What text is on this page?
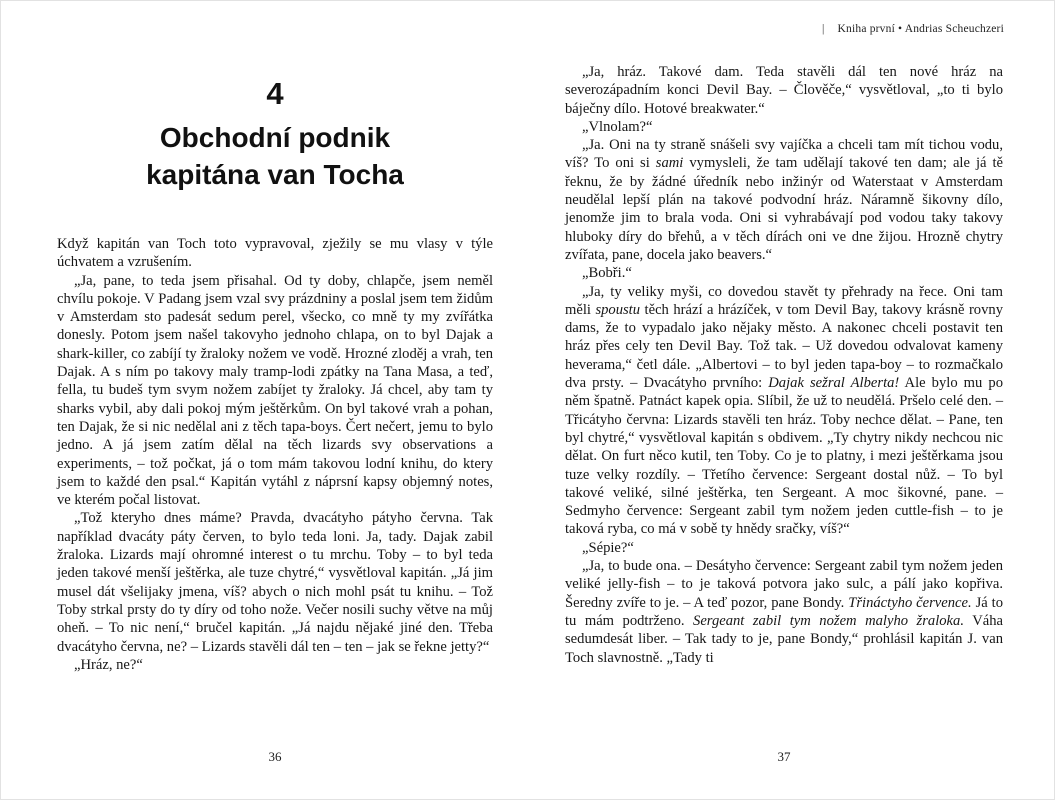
| Kniha první • Andrias Scheuchzeri
4
Obchodní podnik
kapitána van Tocha

Když kapitán van Toch toto vypravoval, zježily se mu vlasy v týle úchvatem a vzrušením.

„Ja, pane, to teda jsem přisahal. Od ty doby, chlapče, jsem neměl chvílu pokoje. V Padang jsem vzal svy prázdniny a poslal jsem tem židům v Amsterdam sto padesát sedum perel, všecko, co mně ty my zvířátka donesly. Potom jsem našel takovyho jednoho chlapa, on to byl Dajak a shark-killer, co zabíjí ty žraloky nožem ve vodě. Hrozné zloděj a vrah, ten Dajak. A s ním po takovy maly tramp-lodi zpátky na Tana Masa, a teď, fella, tu budeš tym svym nožem zabíjet ty žraloky. Já chcel, aby tam ty sharks vybil, aby dali pokoj mým ještěrkům. On byl takové vrah a pohan, ten Dajak, že si nic nedělal ani z těch tapa-boys. Čert nečert, jemu to bylo jedno. A já jsem zatím dělal na těch lizards svy observations a experiments, – tož počkat, já o tom mám takovou lodní knihu, do ktery jsem to každé den psal.“ Kapitán vytáhl z náprsní kapsy objemný notes, ve kterém počal listovat.

„Tož kteryho dnes máme? Pravda, dvacátyho pátyho června. Tak například dvacáty páty červen, to bylo teda loni. Ja, tady. Dajak zabil žraloka. Lizards mají ohromné interest o tu mrchu. Toby – to byl teda jeden takové menší ještěrka, ale tuze chytré,“ vysvětloval kapitán. „Já jim musel dát všelijaky jmena, víš? abych o nich mohl psát tu knihu. – Tož Toby strkal prsty do ty díry od toho nože. Večer nosili suchy větve na můj oheň. – To nic není,“ bručel kapitán. „Já najdu nějaké jiné den. Třeba dvacátyho června, ne? – Lizards stavěli dál ten – ten – jak se řekne jetty?“

„Hráz, ne?“

„Ja, hráz. Takové dam. Teda stavěli dál ten nové hráz na severozápadním konci Devil Bay. – Člověče,“ vysvětloval, „to ti bylo báječny dílo. Hotové breakwater.“

„Vlnolam?“

„Ja. Oni na ty straně snášeli svy vajíčka a chceli tam mít tichou vodu, víš? To oni si sami vymysleli, že tam udělají takové ten dam; ale já tě řeknu, že by žádné úředník nebo inžinýr od Waterstaat v Amsterdam neudělal lepší plán na takové podvodní hráz. Náramně šikovny dílo, jenomže jim to brala voda. Oni si vyhrabávají pod vodou taky takovy hluboky díry do břehů, a v těch dírách oni ve dne žijou. Hrozně chytry zvířata, pane, docela jako beavers.“

„Bobři.“

„Ja, ty veliky myši, co dovedou stavět ty přehrady na řece. Oni tam měli spoustu těch hrází a hrázíček, v tom Devil Bay, takovy krásně rovny dams, že to vypadalo jako nějaky město. A nakonec chceli postavit ten hráz přes cely ten Devil Bay. Tož tak. – Už dovedou odvalovat kameny heverama,“ četl dále. „Albertovi – to byl jeden tapa-boy – to rozmačkalo dva prsty. – Dvacátyho prvního: Dajak sežral Alberta! Ale bylo mu po něm špatně. Patnáct kapek opia. Slíbil, že už to neudělá. Pršelo celé den. – Třicátyho června: Lizards stavěli ten hráz. Toby nechce dělat. – Pane, ten byl chytré,“ vysvětloval kapitán s obdivem. „Ty chytry nikdy nechcou nic dělat. On furt něco kutil, ten Toby. Co je to platny, i mezi ještěrkama jsou tuze velky rozdíly. – Třetího července: Sergeant dostal nůž. – To byl takové veliké, silné ještěrka, ten Sergeant. A moc šikovné, pane. – Sedmyho července: Sergeant zabil tym nožem jeden cuttle-fish – to je taková ryba, co má v sobě ty hnědy sračky, víš?“

„Sépie?“

„Ja, to bude ona. – Desátyho července: Sergeant zabil tym nožem jeden veliké jelly-fish – to je taková potvora jako sulc, a pálí jako kopřiva. Šeredny zvíře to je. – A teď pozor, pane Bondy. Třináctyho července. Já to tu mám podtrženo. Sergeant zabil tym nožem malyho žraloka. Váha sedumdesát liber. – Tak tady to je, pane Bondy,“ prohlásil kapitán J. van Toch slavnostně. „Tady ti

36	37
